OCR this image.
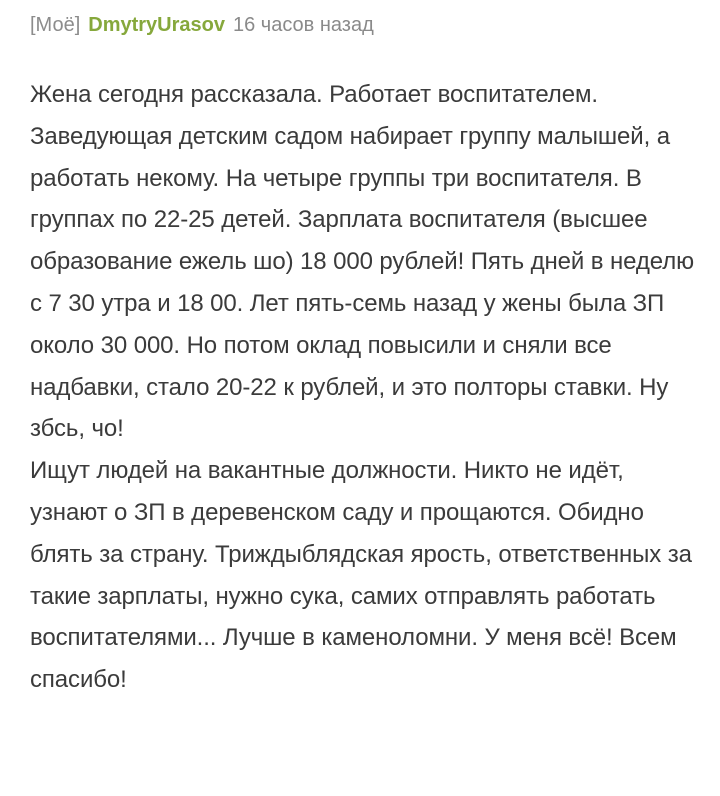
[Моё] DmytryUrasov 16 часов назад

Жена сегодня рассказала. Работает воспитателем. Заведующая детским садом набирает группу малышей, а работать некому. На четыре группы три воспитателя. В группах по 22-25 детей. Зарплата воспитателя (высшее образование ежель шо) 18 000 рублей! Пять дней в неделю с 7 30 утра и 18 00. Лет пять-семь назад у жены была ЗП около 30 000. Но потом оклад повысили и сняли все надбавки, стало 20-22 к рублей, и это полторы ставки. Ну збсь, чо!

Ищут людей на вакантные должности. Никто не идёт, узнают о ЗП в деревенском саду и прощаются. Обидно блять за страну. Триждыблядская ярость, ответственных за такие зарплаты, нужно сука, самих отправлять работать воспитателями... Лучше в каменоломни. У меня всё! Всем спасибо!
